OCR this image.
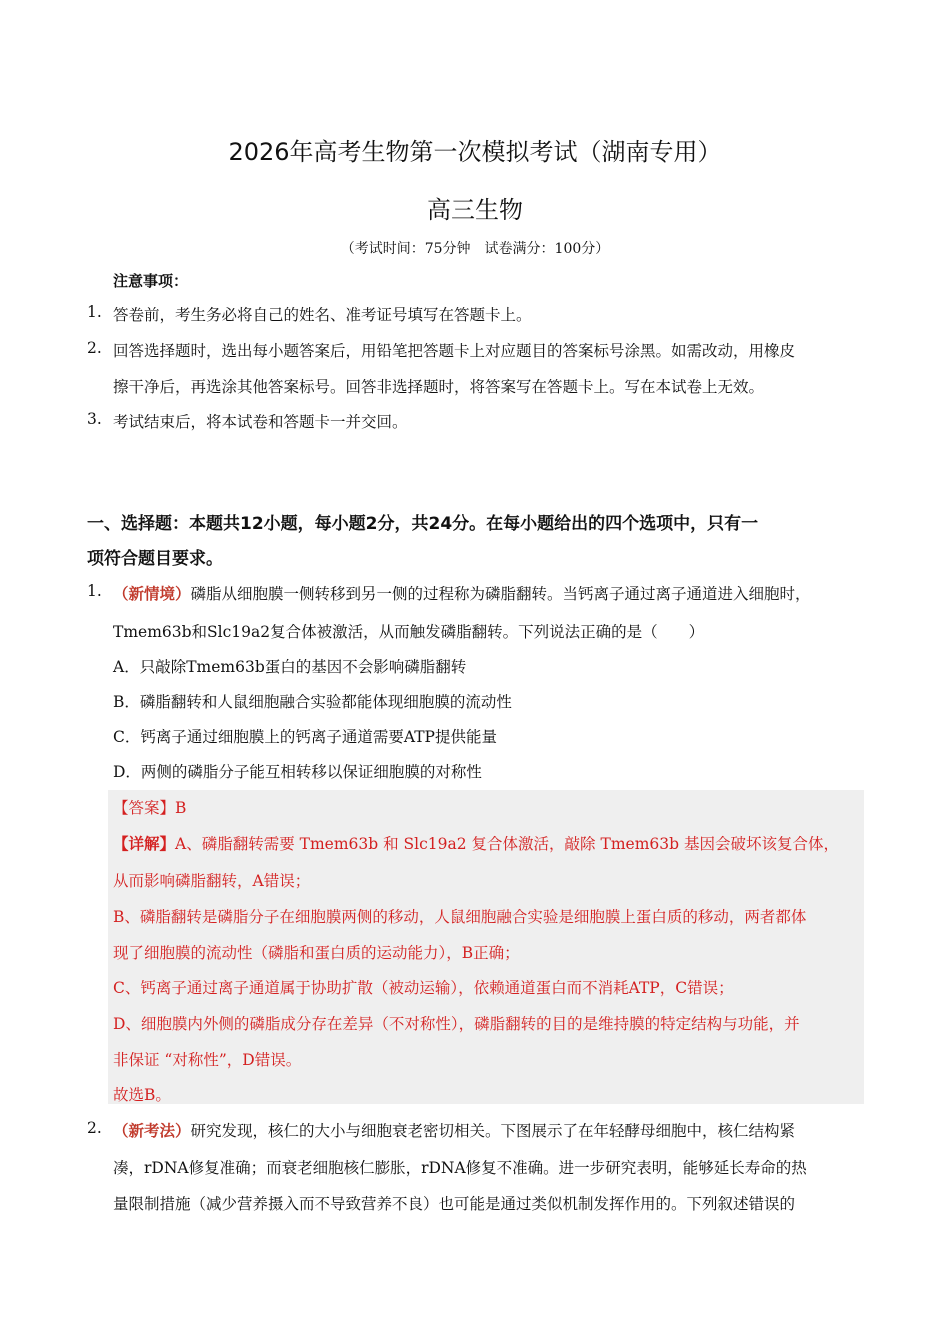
2026年高考生物第一次模拟考试（湖南专用）
高三生物
（考试时间：75分钟　试卷满分：100分）
注意事项：
1. 答卷前，考生务必将自己的姓名、准考证号填写在答题卡上。
2. 回答选择题时，选出每小题答案后，用铅笔把答题卡上对应题目的答案标号涂黑。如需改动，用橡皮
擦干净后，再选涂其他答案标号。回答非选择题时，将答案写在答题卡上。写在本试卷上无效。
3. 考试结束后，将本试卷和答题卡一并交回。
一、选择题：本题共12小题，每小题2分，共24分。在每小题给出的四个选项中，只有一
项符合题目要求。
1. （新情境）磷脂从细胞膜一侧转移到另一侧的过程称为磷脂翻转。当钙离子通过离子通道进入细胞时，
Tmem63b和Slc19a2复合体被激活，从而触发磷脂翻转。下列说法正确的是（　　）
A．只敲除Tmem63b蛋白的基因不会影响磷脂翻转
B．磷脂翻转和人鼠细胞融合实验都能体现细胞膜的流动性
C．钙离子通过细胞膜上的钙离子通道需要ATP提供能量
D．两侧的磷脂分子能互相转移以保证细胞膜的对称性
【答案】B
【详解】A、磷脂翻转需要 Tmem63b 和 Slc19a2 复合体激活，敲除 Tmem63b 基因会破坏该复合体，
从而影响磷脂翻转，A错误；
B、磷脂翻转是磷脂分子在细胞膜两侧的移动，人鼠细胞融合实验是细胞膜上蛋白质的移动，两者都体
现了细胞膜的流动性（磷脂和蛋白质的运动能力），B正确；
C、钙离子通过离子通道属于协助扩散（被动运输），依赖通道蛋白而不消耗ATP，C错误；
D、细胞膜内外侧的磷脂成分存在差异（不对称性），磷脂翻转的目的是维持膜的特定结构与功能，并
非保证 “对称性”，D错误。
故选B。
2. （新考法）研究发现，核仁的大小与细胞衰老密切相关。下图展示了在年轻酵母细胞中，核仁结构紧
凑，rDNA修复准确；而衰老细胞核仁膨胀，rDNA修复不准确。进一步研究表明，能够延长寿命的热
量限制措施（减少营养摄入而不导致营养不良）也可能是通过类似机制发挥作用的。下列叙述错误的
